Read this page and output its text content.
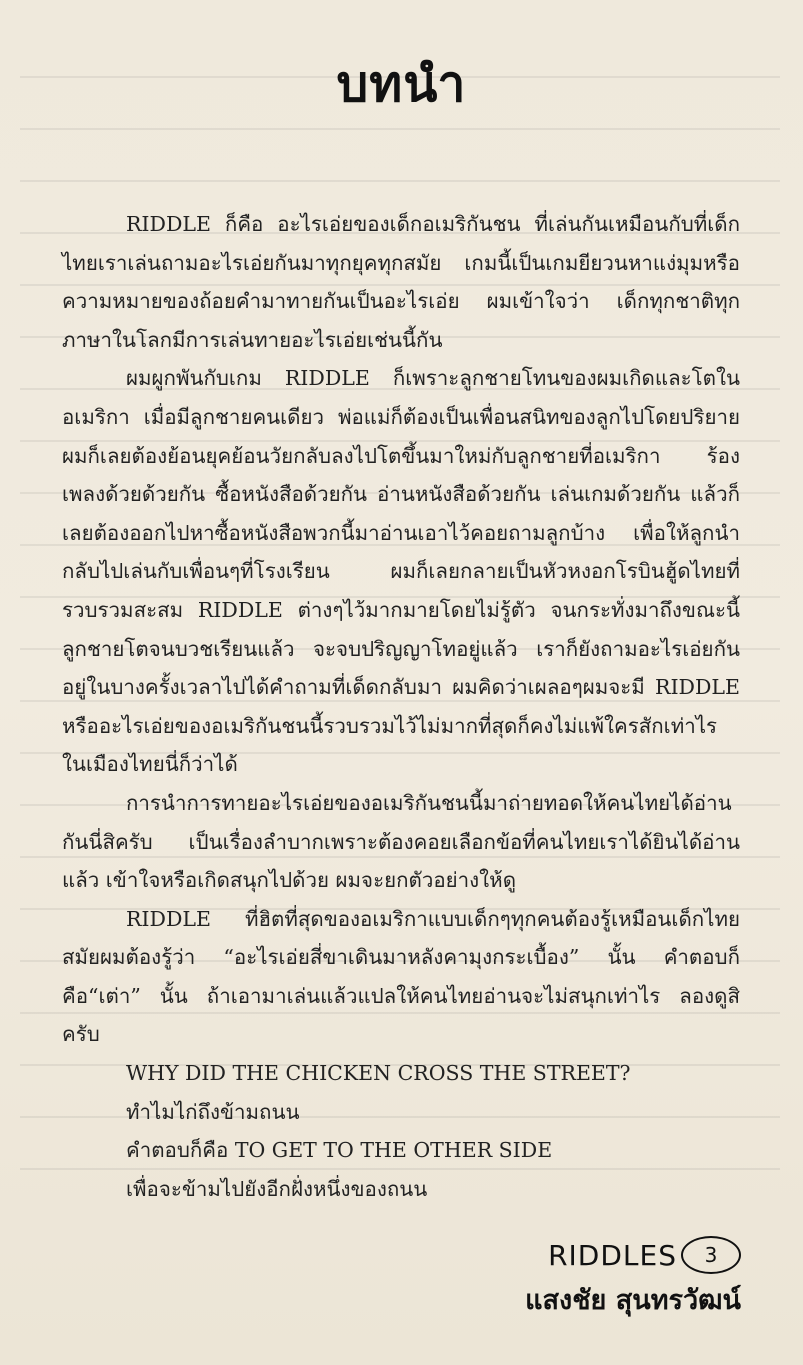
บทนำ

RIDDLE ก็คือ อะไรเอ่ยของเด็กอเมริกันชน ที่เล่นกันเหมือนกับที่เด็กไทยเราเล่นถามอะไรเอ่ยกันมาทุกยุคทุกสมัย เกมนี้เป็นเกมยียวนหาแง่มุมหรือความหมายของถ้อยคำมาทายกันเป็นอะไรเอ่ย ผมเข้าใจว่า เด็กทุกชาติทุกภาษาในโลกมีการเล่นทายอะไรเอ่ยเช่นนี้กัน

ผมผูกพันกับเกม RIDDLE ก็เพราะลูกชายโทนของผมเกิดและโตในอเมริกา เมื่อมีลูกชายคนเดียว พ่อแม่ก็ต้องเป็นเพื่อนสนิทของลูกไปโดยปริยาย ผมก็เลยต้องย้อนยุคย้อนวัยกลับลงไปโตขึ้นมาใหม่กับลูกชายที่อเมริกา ร้องเพลงด้วยด้วยกัน ซื้อหนังสือด้วยกัน อ่านหนังสือด้วยกัน เล่นเกมด้วยกัน แล้วก็เลยต้องออกไปหาซื้อหนังสือพวกนี้มาอ่านเอาไว้คอยถามลูกบ้าง เพื่อให้ลูกนำกลับไปเล่นกับเพื่อนๆที่โรงเรียน ผมก็เลยกลายเป็นหัวหงอกโรบินฮู้ดไทยที่รวบรวมสะสม RIDDLE ต่างๆไว้มากมายโดยไม่รู้ตัว จนกระทั่งมาถึงขณะนี้ลูกชายโตจนบวชเรียนแล้ว จะจบปริญญาโทอยู่แล้ว เราก็ยังถามอะไรเอ่ยกันอยู่ในบางครั้งเวลาไปได้คำถามที่เด็ดกลับมา ผมคิดว่าเผลอๆผมจะมี RIDDLE หรืออะไรเอ่ยของอเมริกันชนนี้รวบรวมไว้ไม่มากที่สุดก็คงไม่แพ้ใครสักเท่าไรในเมืองไทยนี่ก็ว่าได้

การนำการทายอะไรเอ่ยของอเมริกันชนนี้มาถ่ายทอดให้คนไทยได้อ่านกันนี่สิครับ เป็นเรื่องลำบากเพราะต้องคอยเลือกข้อที่คนไทยเราได้ยินได้อ่านแล้ว เข้าใจหรือเกิดสนุกไปด้วย ผมจะยกตัวอย่างให้ดู

RIDDLE ที่ฮิตที่สุดของอเมริกาแบบเด็กๆทุกคนต้องรู้เหมือนเด็กไทยสมัยผมต้องรู้ว่า “อะไรเอ่ยสี่ขาเดินมาหลังคามุงกระเบื้อง” นั้น คำตอบก็คือ“เต่า” นั้น ถ้าเอามาเล่นแล้วแปลให้คนไทยอ่านจะไม่สนุกเท่าไร ลองดูสิครับ

WHY DID THE CHICKEN CROSS THE STREET?

ทำไมไก่ถึงข้ามถนน

คำตอบก็คือ TO GET TO THE OTHER SIDE

เพื่อจะข้ามไปยังอีกฝั่งหนึ่งของถนน

RIDDLES	3
แสงชัย สุนทรวัฒน์
